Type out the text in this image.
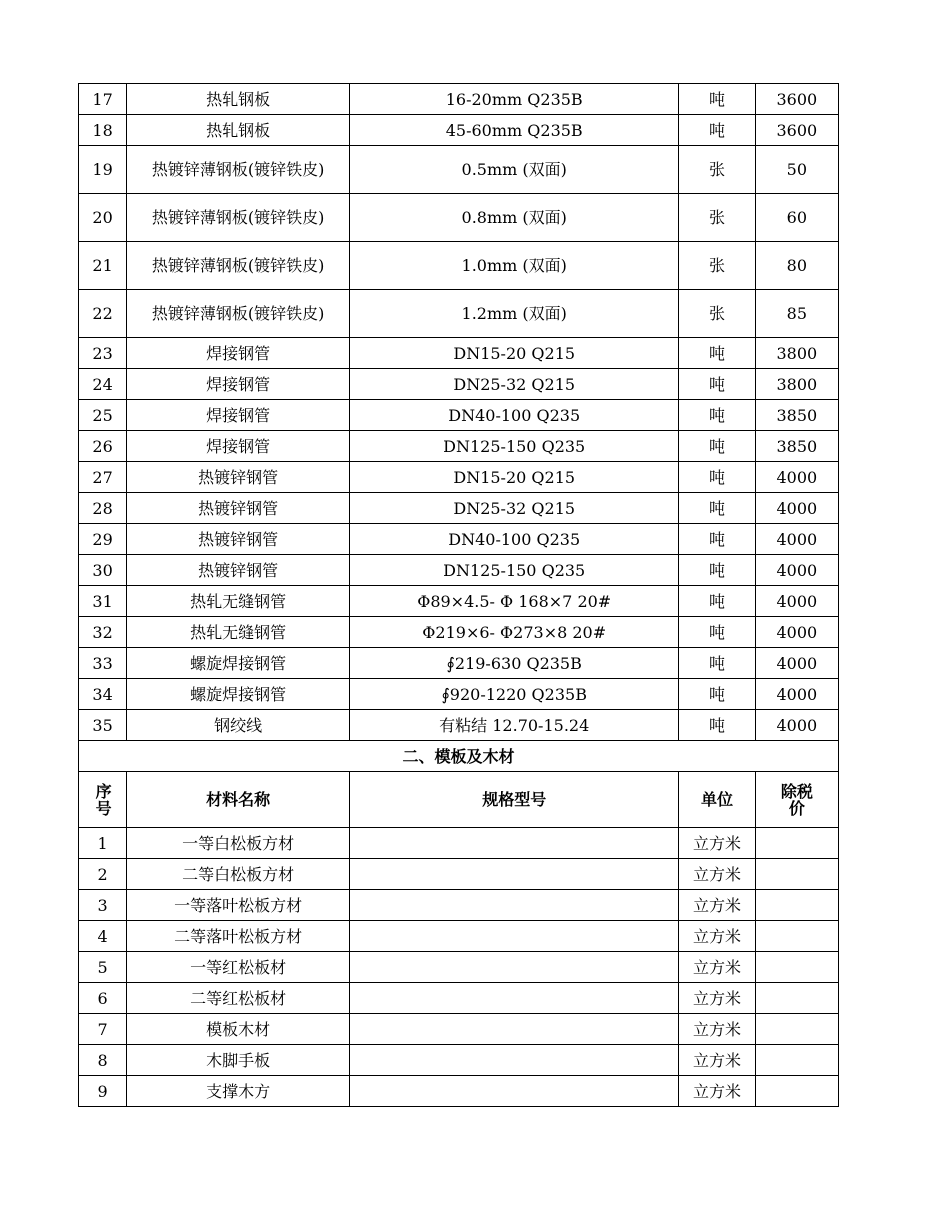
17	热轧钢板	16-20mm Q235B	吨	3600
18	热轧钢板	45-60mm Q235B	吨	3600
19	热镀锌薄钢板(镀锌铁皮)	0.5mm (双面)	张	50
20	热镀锌薄钢板(镀锌铁皮)	0.8mm (双面)	张	60
21	热镀锌薄钢板(镀锌铁皮)	1.0mm (双面)	张	80
22	热镀锌薄钢板(镀锌铁皮)	1.2mm (双面)	张	85
23	焊接钢管	DN15-20 Q215	吨	3800
24	焊接钢管	DN25-32 Q215	吨	3800
25	焊接钢管	DN40-100 Q235	吨	3850
26	焊接钢管	DN125-150 Q235	吨	3850
27	热镀锌钢管	DN15-20 Q215	吨	4000
28	热镀锌钢管	DN25-32 Q215	吨	4000
29	热镀锌钢管	DN40-100 Q235	吨	4000
30	热镀锌钢管	DN125-150 Q235	吨	4000
31	热轧无缝钢管	Φ89×4.5- Φ 168×7 20#	吨	4000
32	热轧无缝钢管	Φ219×6- Φ273×8 20#	吨	4000
33	螺旋焊接钢管	∮219-630 Q235B	吨	4000
34	螺旋焊接钢管	∮920-1220 Q235B	吨	4000
35	钢绞线	有粘结 12.70-15.24	吨	4000
二、模板及木材				
序号	材料名称	规格型号	单位	除税价
1	一等白松板方材		立方米	
2	二等白松板方材		立方米	
3	一等落叶松板方材		立方米	
4	二等落叶松板方材		立方米	
5	一等红松板材		立方米	
6	二等红松板材		立方米	
7	模板木材		立方米	
8	木脚手板		立方米	
9	支撑木方		立方米	
